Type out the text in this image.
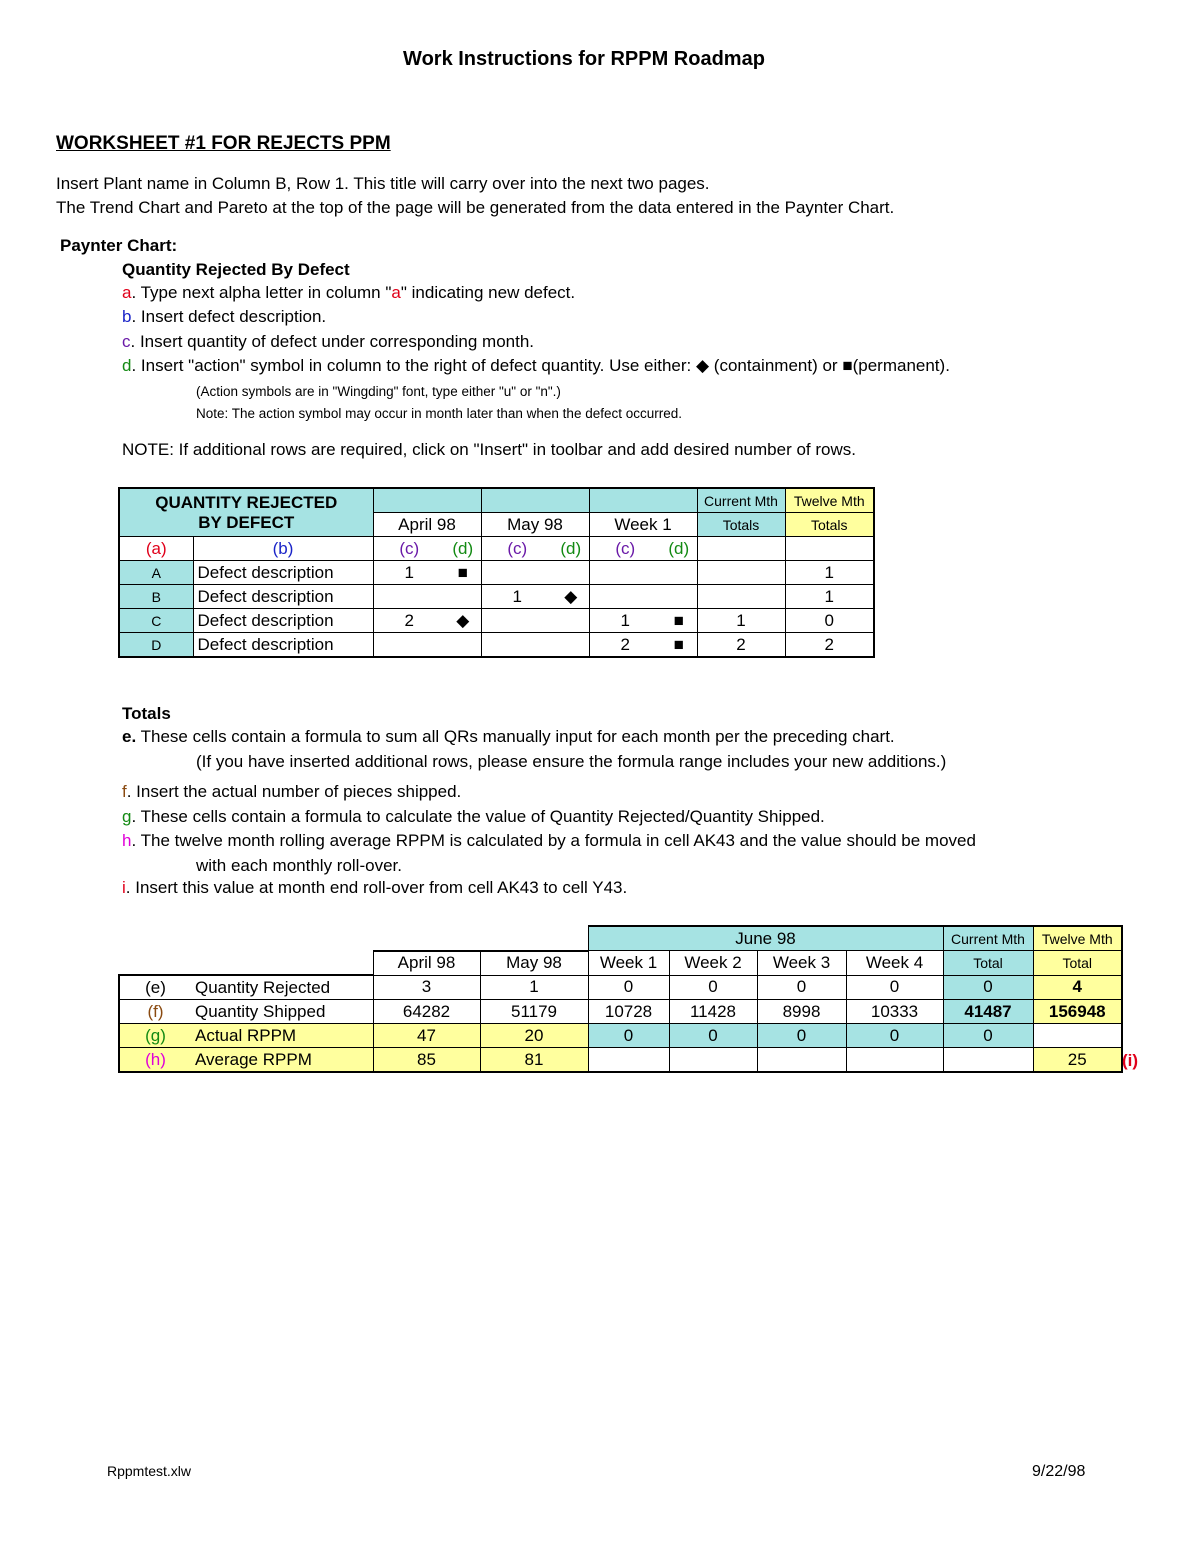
Work Instructions for RPPM Roadmap
WORKSHEET #1 FOR REJECTS PPM
Insert Plant name in Column B, Row 1. This title will carry over into the next two pages.
The Trend Chart and Pareto at the top of the page will be generated from the data entered in the Paynter Chart.
Paynter Chart:
Quantity Rejected By Defect
a. Type next alpha letter in column "a" indicating new defect.
b. Insert defect description.
c. Insert quantity of defect under corresponding month.
d. Insert "action" symbol in column to the right of defect quantity. Use either: ◆ (containment) or ■(permanent).
(Action symbols are in "Wingding" font, type either "u" or "n".)
Note: The action symbol may occur in month later than when the defect occurred.
NOTE: If additional rows are required, click on "Insert" in toolbar and add desired number of rows.
QUANTITY REJECTED
BY DEFECT								Current Mth	Twelve Mth
		April 98		May 98		Week 1		Totals	Totals
(a)	(b)	(c)	(d)	(c)	(d)	(c)	(d)		
A	Defect description	1	■						1
B	Defect description			1	◆				1
C	Defect description	2	◆			1	■	1	0
D	Defect description					2	■	2	2
Totals
e. These cells contain a formula to sum all QRs manually input for each month per the preceding chart.
(If you have inserted additional rows, please ensure the formula range includes your new additions.)
f. Insert the actual number of pieces shipped.
g. These cells contain a formula to calculate the value of Quantity Rejected/Quantity Shipped.
h. The twelve month rolling average RPPM is calculated by a formula in cell AK43 and the value should be moved
with each monthly roll-over.
i. Insert this value at month end roll-over from cell AK43 to cell Y43.
				June 98				Current Mth	Twelve Mth
		April 98	May 98	Week 1	Week 2	Week 3	Week 4	Total	Total
(e)	Quantity Rejected	3	1	0	0	0	0	0	4
(f)	Quantity Shipped	64282	51179	10728	11428	8998	10333	41487	156948
(g)	Actual RPPM	47	20	0	0	0	0	0	
(h)	Average RPPM	85	81						25 (i)
Rppmtest.xlw	9/22/98
